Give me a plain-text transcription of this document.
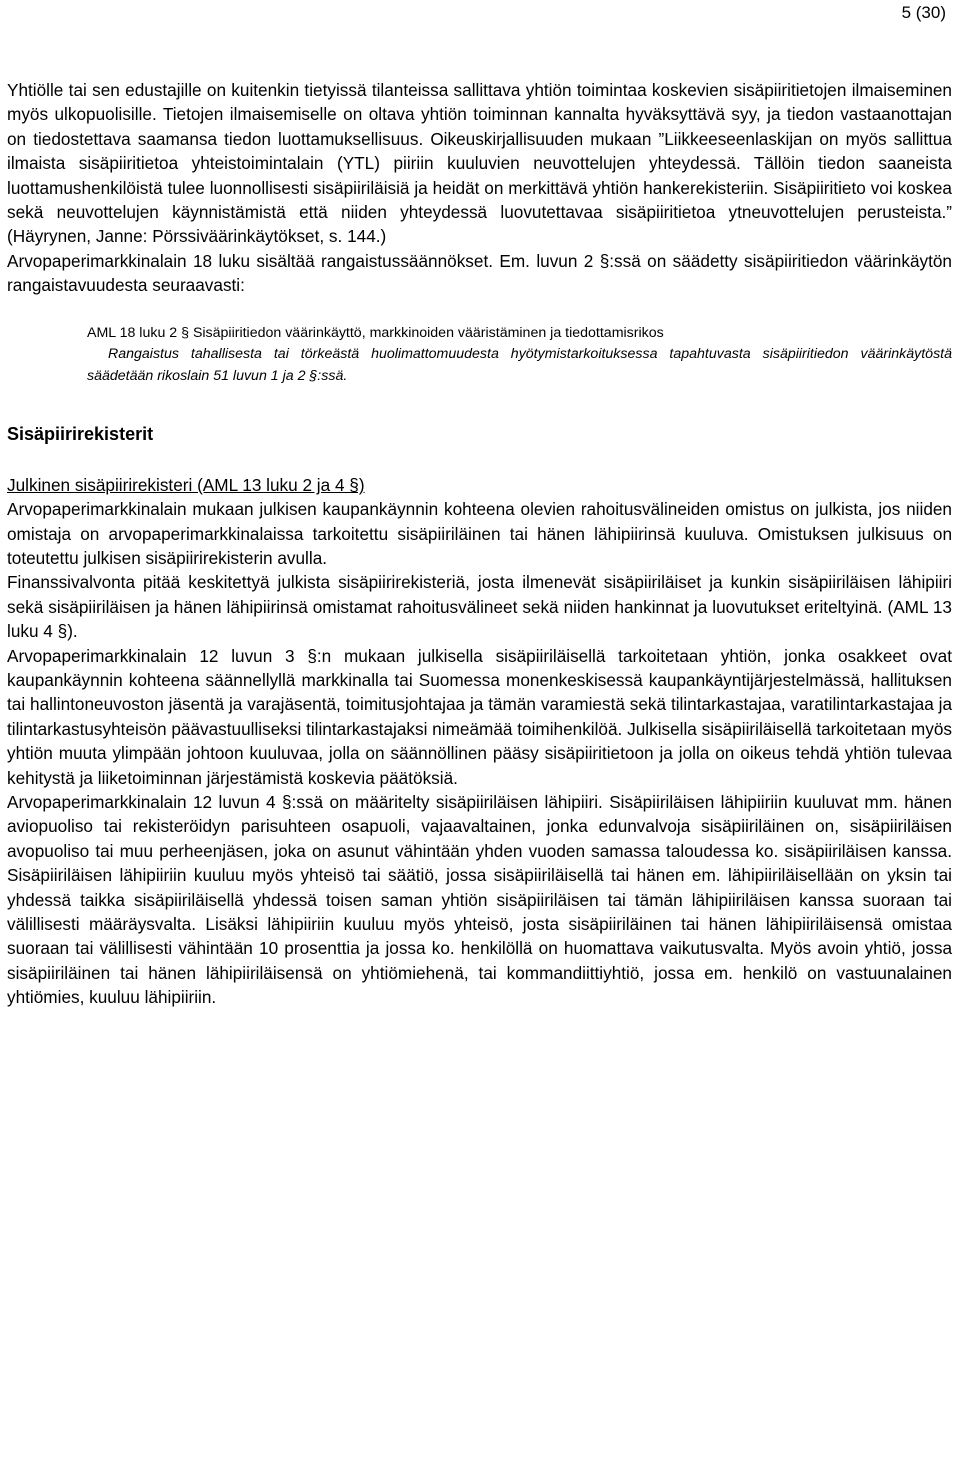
5 (30)

Yhtiölle tai sen edustajille on kuitenkin tietyissä tilanteissa sallittava yhtiön toimintaa koskevien sisäpiiritietojen ilmaiseminen myös ulkopuolisille. Tietojen ilmaisemiselle on oltava yhtiön toiminnan kannalta hyväksyttävä syy, ja tiedon vastaanottajan on tiedostettava saamansa tiedon luottamuksellisuus. Oikeuskirjallisuuden mukaan ”Liikkeeseenlaskijan on myös sallittua ilmaista sisäpiiritietoa yhteistoimintalain (YTL) piiriin kuuluvien neuvottelujen yhteydessä. Tällöin tiedon saaneista luottamushenkilöistä tulee luonnollisesti sisäpiiriläisiä ja heidät on merkittävä yhtiön hankerekisteriin. Sisäpiiritieto voi koskea sekä neuvottelujen käynnistämistä että niiden yhteydessä luovutettavaa sisäpiiritietoa ytneuvottelujen perusteista.” (Häyrynen, Janne: Pörssiväärinkäytökset, s. 144.)

Arvopaperimarkkinalain 18 luku sisältää rangaistussäännökset. Em. luvun 2 §:ssä on säädetty sisäpiiritiedon väärinkäytön rangaistavuudesta seuraavasti:

AML 18 luku 2 § Sisäpiiritiedon väärinkäyttö, markkinoiden vääristäminen ja tiedottamisrikos
Rangaistus tahallisesta tai törkeästä huolimattomuudesta hyötymistarkoituksessa tapahtuvasta sisäpiiritiedon väärinkäytöstä säädetään rikoslain 51 luvun 1 ja 2 §:ssä.
Sisäpiirirekisterit
Julkinen sisäpiirirekisteri (AML 13 luku 2 ja 4 §)

Arvopaperimarkkinalain mukaan julkisen kaupankäynnin kohteena olevien rahoitusvälineiden omistus on julkista, jos niiden omistaja on arvopaperimarkkinalaissa tarkoitettu sisäpiiriläinen tai hänen lähipiirinsä kuuluva. Omistuksen julkisuus on toteutettu julkisen sisäpiirirekisterin avulla.

Finanssivalvonta pitää keskitettyä julkista sisäpiirirekisteriä, josta ilmenevät sisäpiiriläiset ja kunkin sisäpiiriläisen lähipiiri sekä sisäpiiriläisen ja hänen lähipiirinsä omistamat rahoitusvälineet sekä niiden hankinnat ja luovutukset eriteltyinä. (AML 13 luku 4 §).

Arvopaperimarkkinalain 12 luvun 3 §:n mukaan julkisella sisäpiiriläisellä tarkoitetaan yhtiön, jonka osakkeet ovat kaupankäynnin kohteena säännellyllä markkinalla tai Suomessa monenkeskisessä kaupankäyntijärjestelmässä, hallituksen tai hallintoneuvoston jäsentä ja varajäsentä, toimitusjohtajaa ja tämän varamiestä sekä tilintarkastajaa, varatilintarkastajaa ja tilintarkastusyhteisön päävastuulliseksi tilintarkastajaksi nimeämää toimihenkilöä. Julkisella sisäpiiriläisellä tarkoitetaan myös yhtiön muuta ylimpään johtoon kuuluvaa, jolla on säännöllinen pääsy sisäpiiritietoon ja jolla on oikeus tehdä yhtiön tulevaa kehitystä ja liiketoiminnan järjestämistä koskevia päätöksiä.

Arvopaperimarkkinalain 12 luvun 4 §:ssä on määritelty sisäpiiriläisen lähipiiri. Sisäpiiriläisen lähipiiriin kuuluvat mm. hänen aviopuoliso tai rekisteröidyn parisuhteen osapuoli, vajaavaltainen, jonka edunvalvoja sisäpiiriläinen on, sisäpiiriläisen avopuoliso tai muu perheenjäsen, joka on asunut vähintään yhden vuoden samassa taloudessa ko. sisäpiiriläisen kanssa. Sisäpiiriläisen lähipiiriin kuuluu myös yhteisö tai säätiö, jossa sisäpiiriläisellä tai hänen em. lähipiiriläisellään on yksin tai yhdessä taikka sisäpiiriläisellä yhdessä toisen saman yhtiön sisäpiiriläisen tai tämän lähipiiriläisen kanssa suoraan tai välillisesti määräysvalta. Lisäksi lähipiiriin kuuluu myös yhteisö, josta sisäpiiriläinen tai hänen lähipiiriläisensä omistaa suoraan tai välillisesti vähintään 10 prosenttia ja jossa ko. henkilöllä on huomattava vaikutusvalta. Myös avoin yhtiö, jossa sisäpiiriläinen tai hänen lähipiiriläisensä on yhtiömiehenä, tai kommandiittiyhtiö, jossa em. henkilö on vastuunalainen yhtiömies, kuuluu lähipiiriin.
